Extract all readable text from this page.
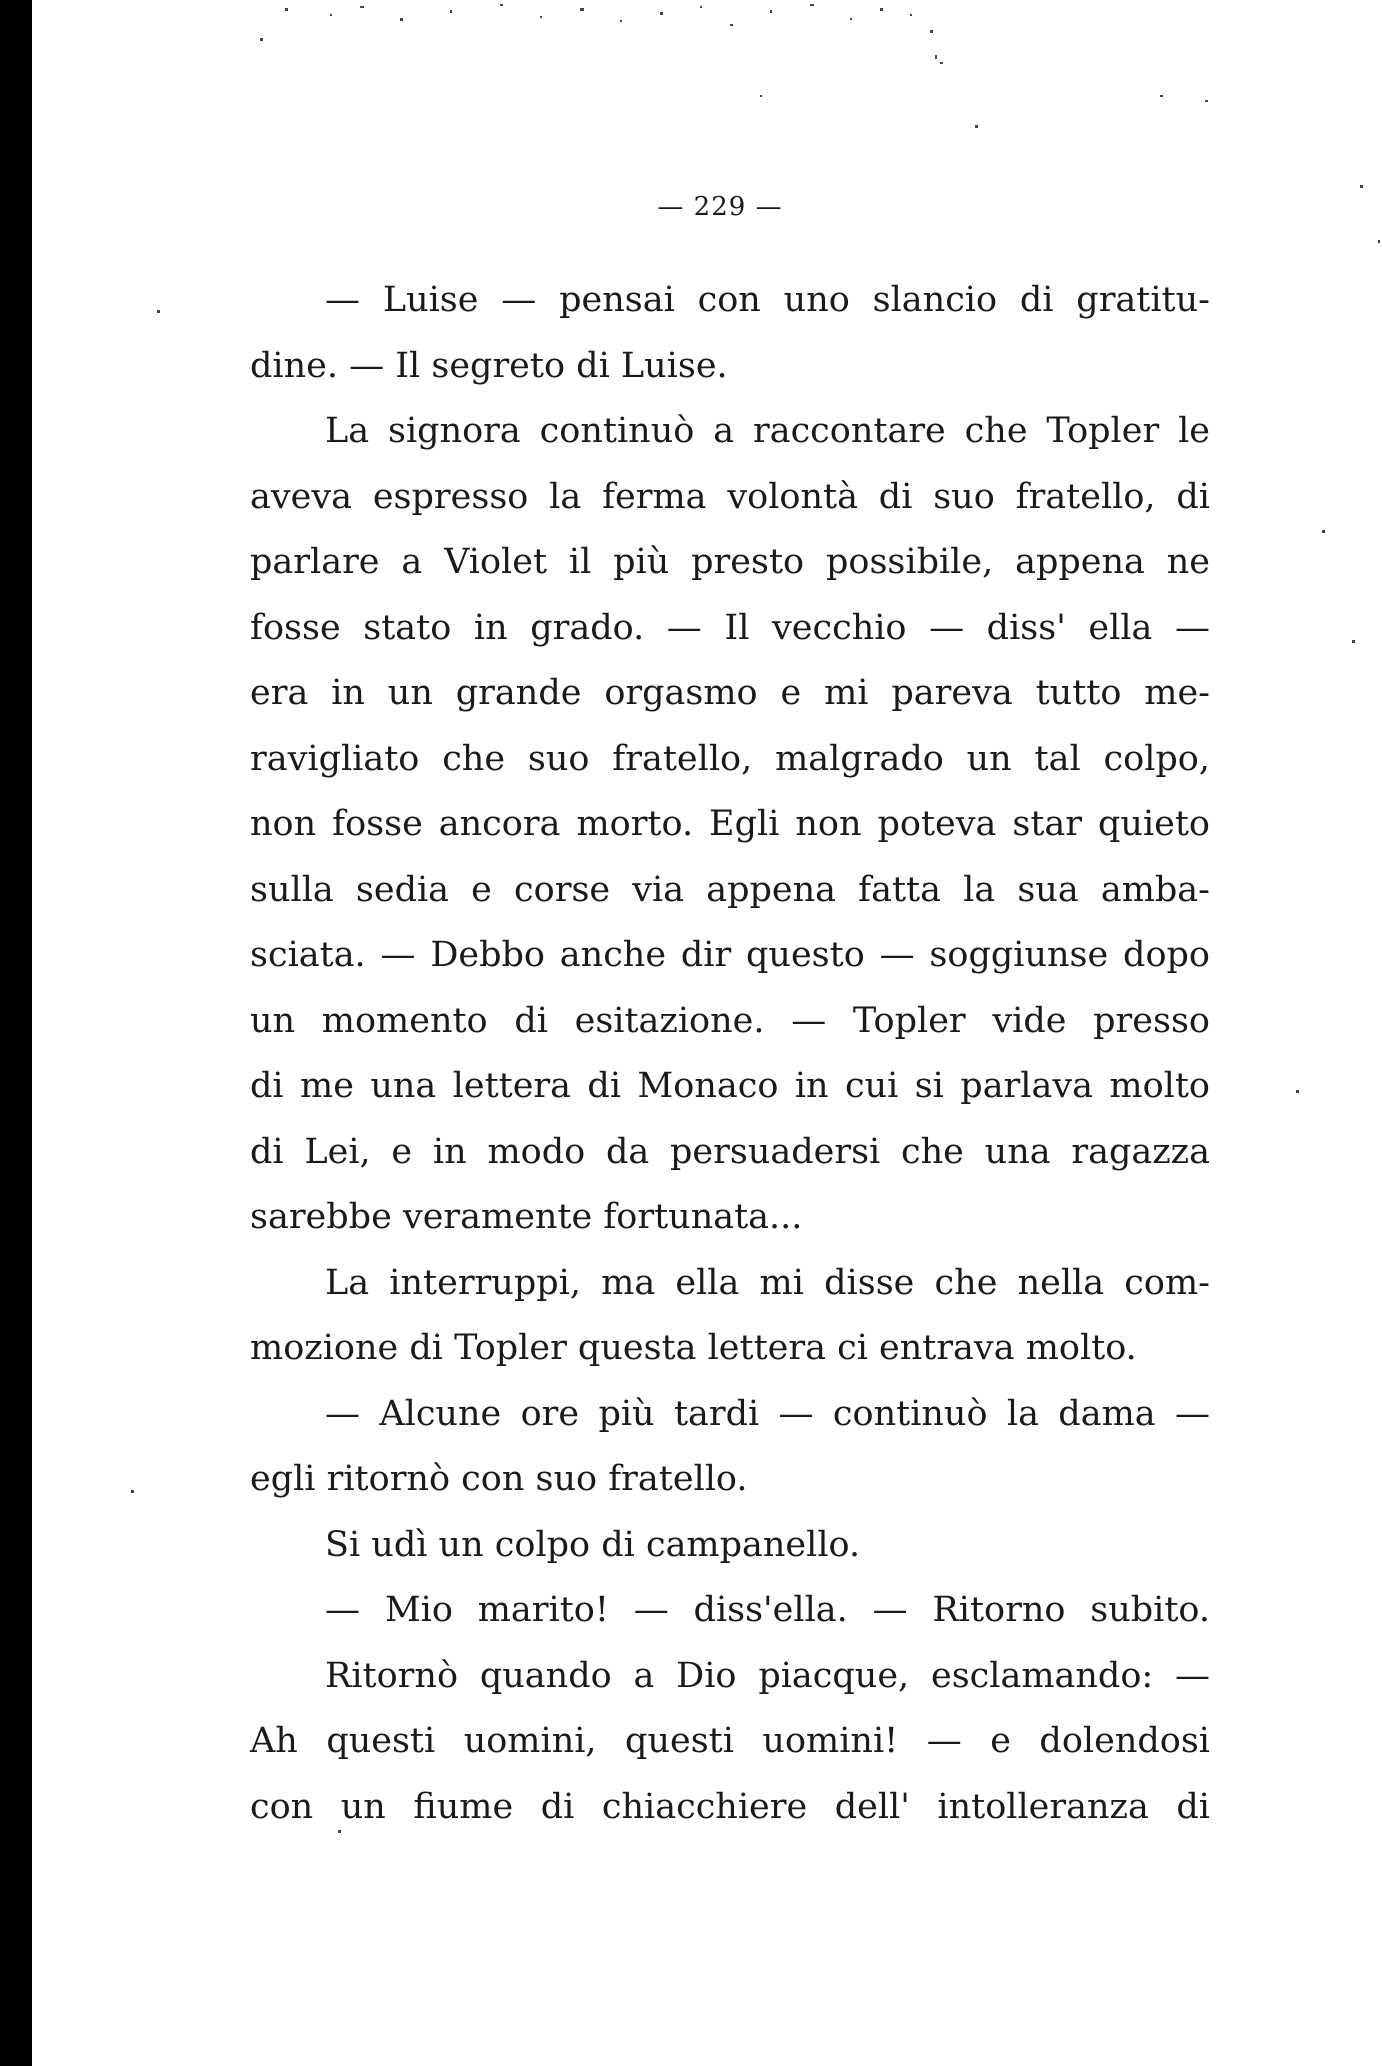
— 229 —
— Luise — pensai con uno slancio di gratitu-
dine. — Il segreto di Luise.
La signora continuò a raccontare che Topler le
aveva espresso la ferma volontà di suo fratello, di
parlare a Violet il più presto possibile, appena ne
fosse stato in grado. — Il vecchio — diss' ella —
era in un grande orgasmo e mi pareva tutto me-
ravigliato che suo fratello, malgrado un tal colpo,
non fosse ancora morto. Egli non poteva star quieto
sulla sedia e corse via appena fatta la sua amba-
sciata. — Debbo anche dir questo — soggiunse dopo
un momento di esitazione. — Topler vide presso
di me una lettera di Monaco in cui si parlava molto
di Lei, e in modo da persuadersi che una ragazza
sarebbe veramente fortunata...
La interruppi, ma ella mi disse che nella com-
mozione di Topler questa lettera ci entrava molto.
— Alcune ore più tardi — continuò la dama —
egli ritornò con suo fratello.
Si udì un colpo di campanello.
— Mio marito! — diss'ella. — Ritorno subito.
Ritornò quando a Dio piacque, esclamando: —
Ah questi uomini, questi uomini! — e dolendosi
con un fiume di chiacchiere dell' intolleranza di
